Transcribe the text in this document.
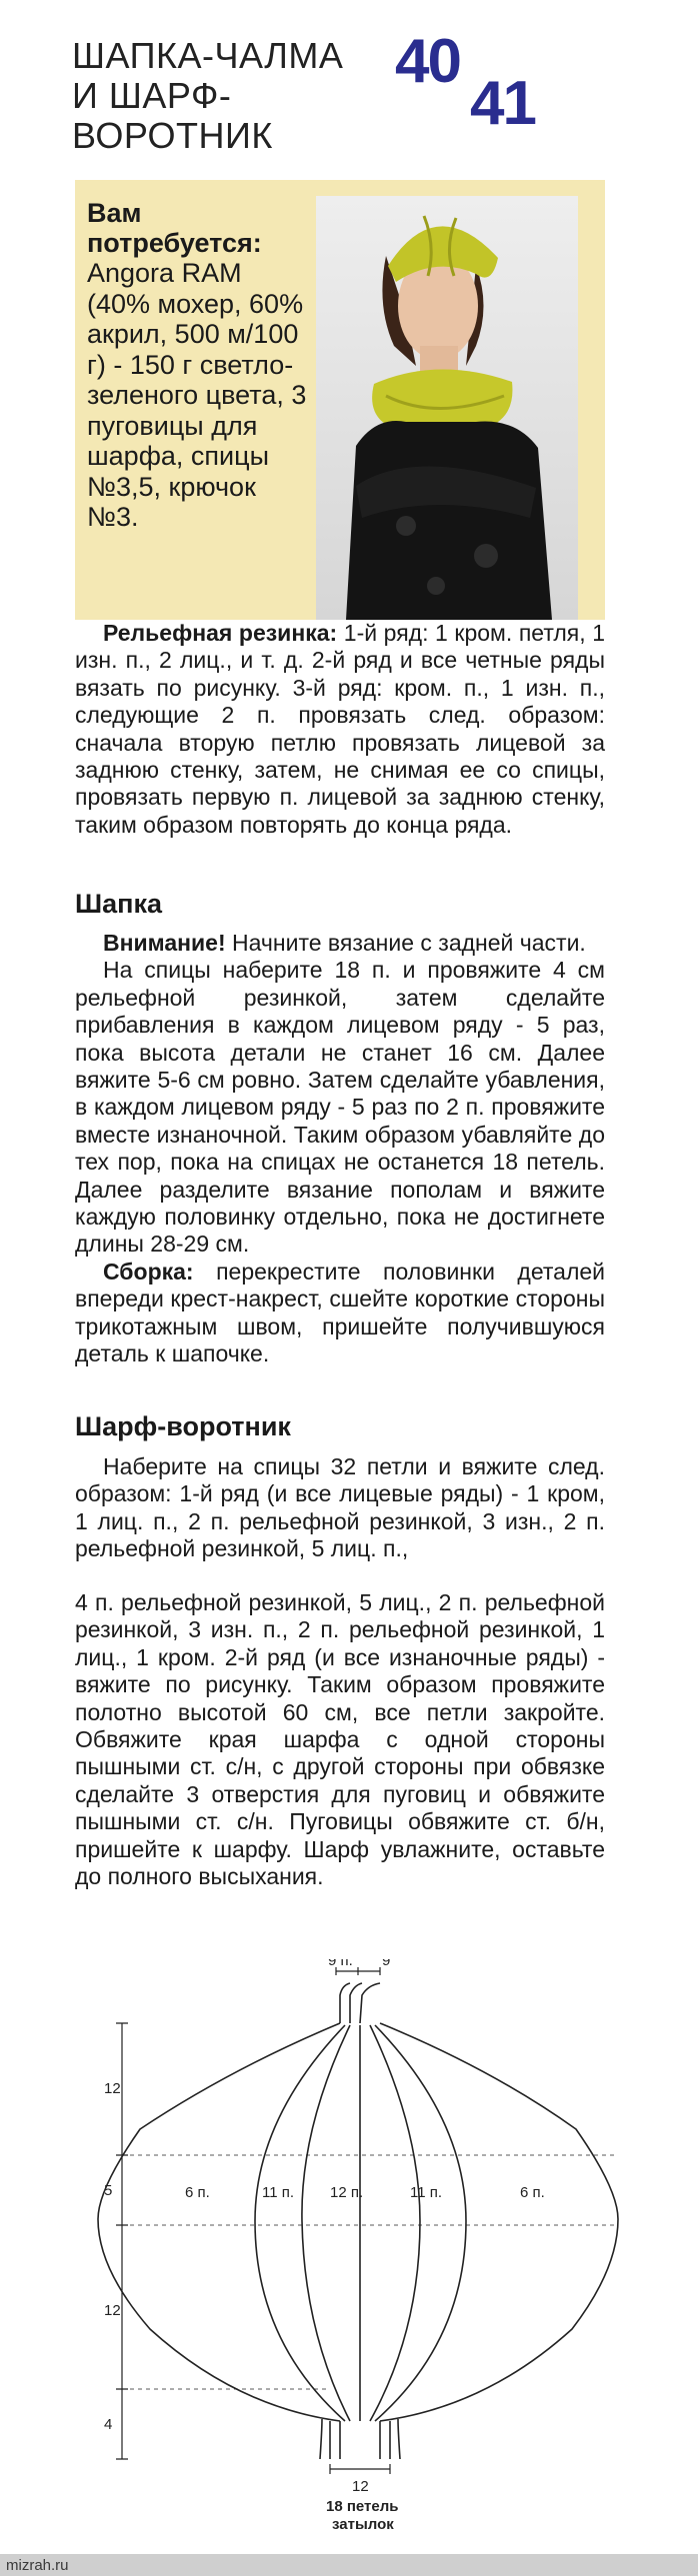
ШАПКА-ЧАЛМА
И ШАРФ-
ВОРОТНИК
40
41
Вам потребуется:
Angora RAM (40% мохер, 60% акрил, 500 м/100 г) - 150 г светло-зеленого цвета, 3 пуговицы для шарфа, спицы №3,5, крючок №3.
Рельефная резинка: 1-й ряд: 1 кром. петля, 1 изн. п., 2 лиц., и т. д. 2-й ряд и все четные ряды вязать по рисунку. 3-й ряд: кром. п., 1 изн. п., следующие 2 п. провязать след. образом: сначала вторую петлю провязать лицевой за заднюю стенку, затем, не снимая ее со спицы, провязать первую п. лицевой за заднюю стенку, таким образом повторять до конца ряда.
Шапка
Внимание! Начните вязание с задней части.
На спицы наберите 18 п. и провяжите 4 см рельефной резинкой, затем сделайте прибавления в каждом лицевом ряду - 5 раз, пока высота детали не станет 16 см. Далее вяжите 5-6 см ровно. Затем сделайте убавления, в каждом лицевом ряду - 5 раз по 2 п. провяжите вместе изнаночной. Таким образом убавляйте до тех пор, пока на спицах не останется 18 петель. Далее разделите вязание пополам и вяжите каждую половинку отдельно, пока не достигнете длины 28-29 см.
Сборка: перекрестите половинки деталей впереди крест-накрест, сшейте короткие стороны трикотажным швом, пришейте получившуюся деталь к шапочке.
Шарф-воротник
Наберите на спицы 32 петли и вяжите след. образом: 1-й ряд (и все лицевые ряды) - 1 кром, 1 лиц. п., 2 п. рельефной резинкой, 3 изн., 2 п. рельефной резинкой, 5 лиц. п.,
4 п. рельефной резинкой, 5 лиц., 2 п. рельефной резинкой, 3 изн. п., 2 п. рельефной резинкой, 1 лиц., 1 кром. 2-й ряд (и все изнаночные ряды) - вяжите по рисунку. Таким образом провяжите полотно высотой 60 см, все петли закройте. Обвяжите края шарфа с одной стороны пышными ст. с/н, с другой стороны при обвязке сделайте 3 отверстия для пуговиц и обвяжите пышными ст. с/н. Пуговицы обвяжите ст. б/н, пришейте к шарфу. Шарф увлажните, оставьте до полного высыхания.
9 п. 9
12
5
12
4
6 п.	11 п. 12 п.	11 п.	6 п.
12
18 петель
затылок
mizrah.ru
